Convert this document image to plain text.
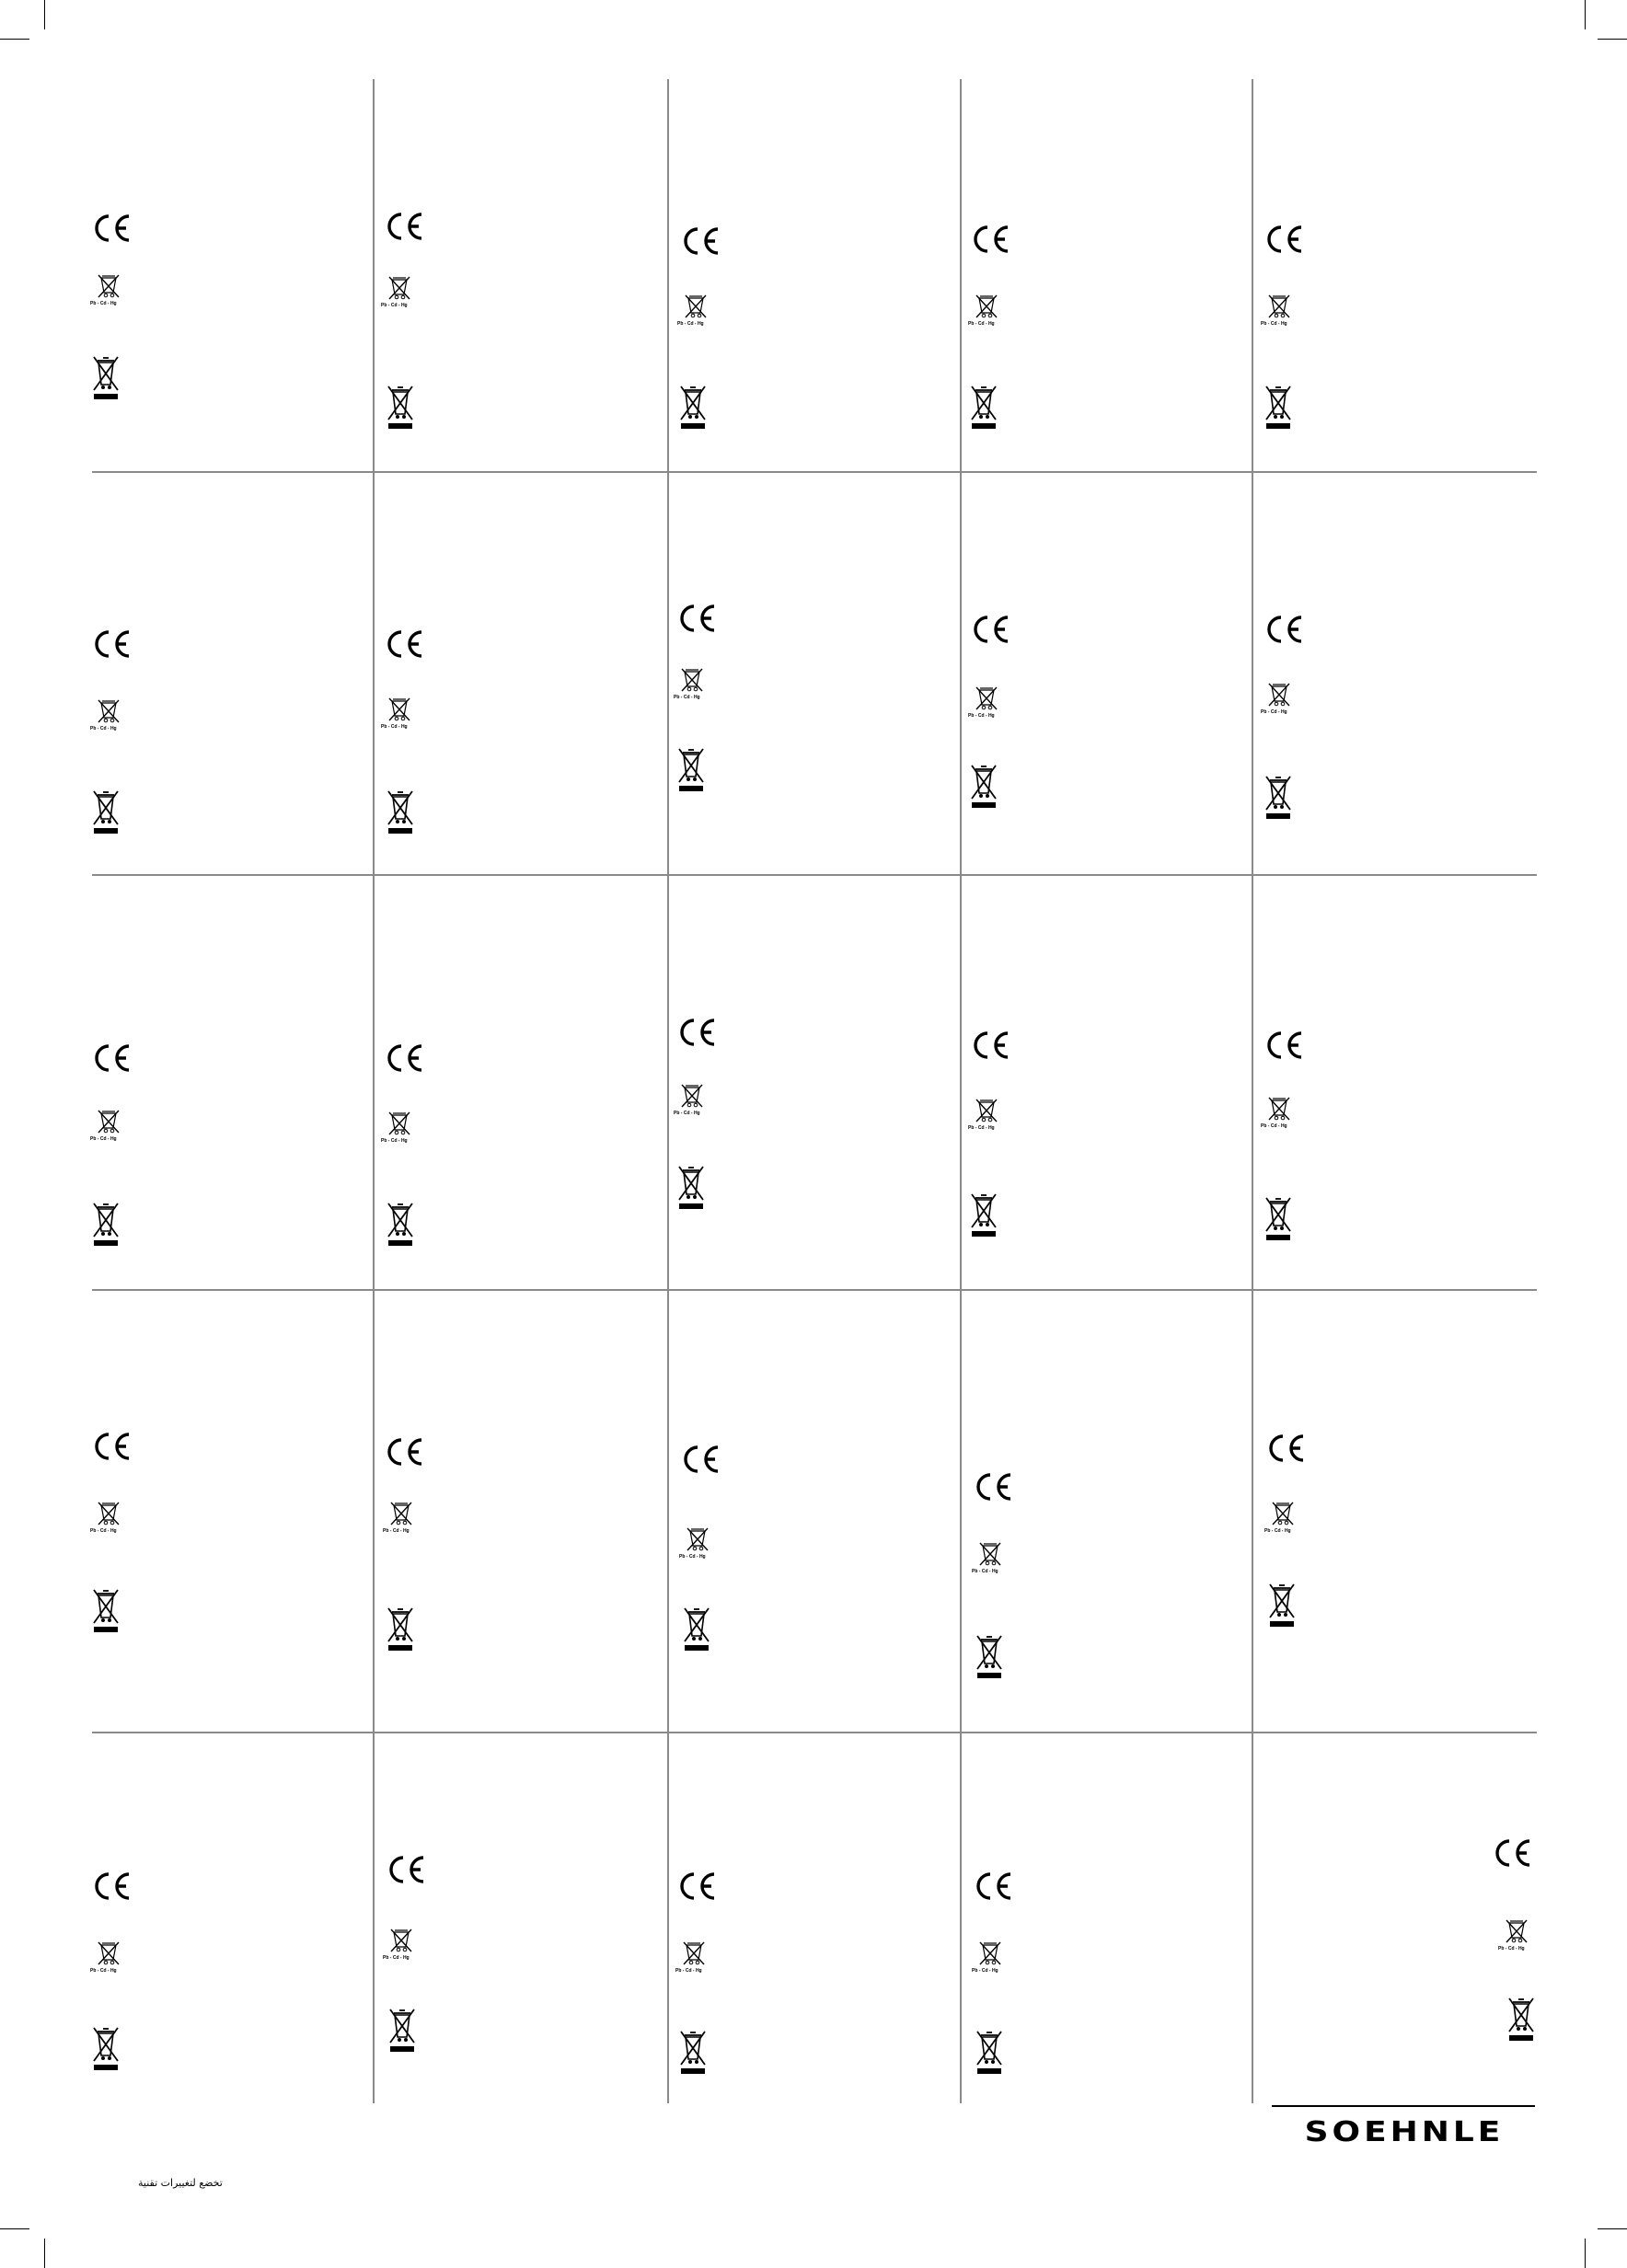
Pb - Cd - Hg	Pb - Cd - Hg
Pb - Cd - Hg	Pb - Cd - Hg	Pb - Cd - Hg
Pb - Cd - Hg	Pb - Cd - Hg
Pb - Cd - Hg
Pb - Cd - Hg
Pb - Cd - Hg
Pb - Cd - Hg	Pb - Cd - Hg
Pb - Cd - Hg
Pb - Cd - Hg	Pb - Cd - Hg
Pb - Cd - Hg	Pb - Cd - Hg
Pb - Cd - Hg
Pb - Cd - Hg
Pb - Cd - Hg
Pb - Cd - Hg
Pb - Cd - Hg
Pb - Cd - Hg	Pb - Cd - Hg
Pb - Cd - Hg
SOEHNLE
تخضع لتغييرات تقنية
